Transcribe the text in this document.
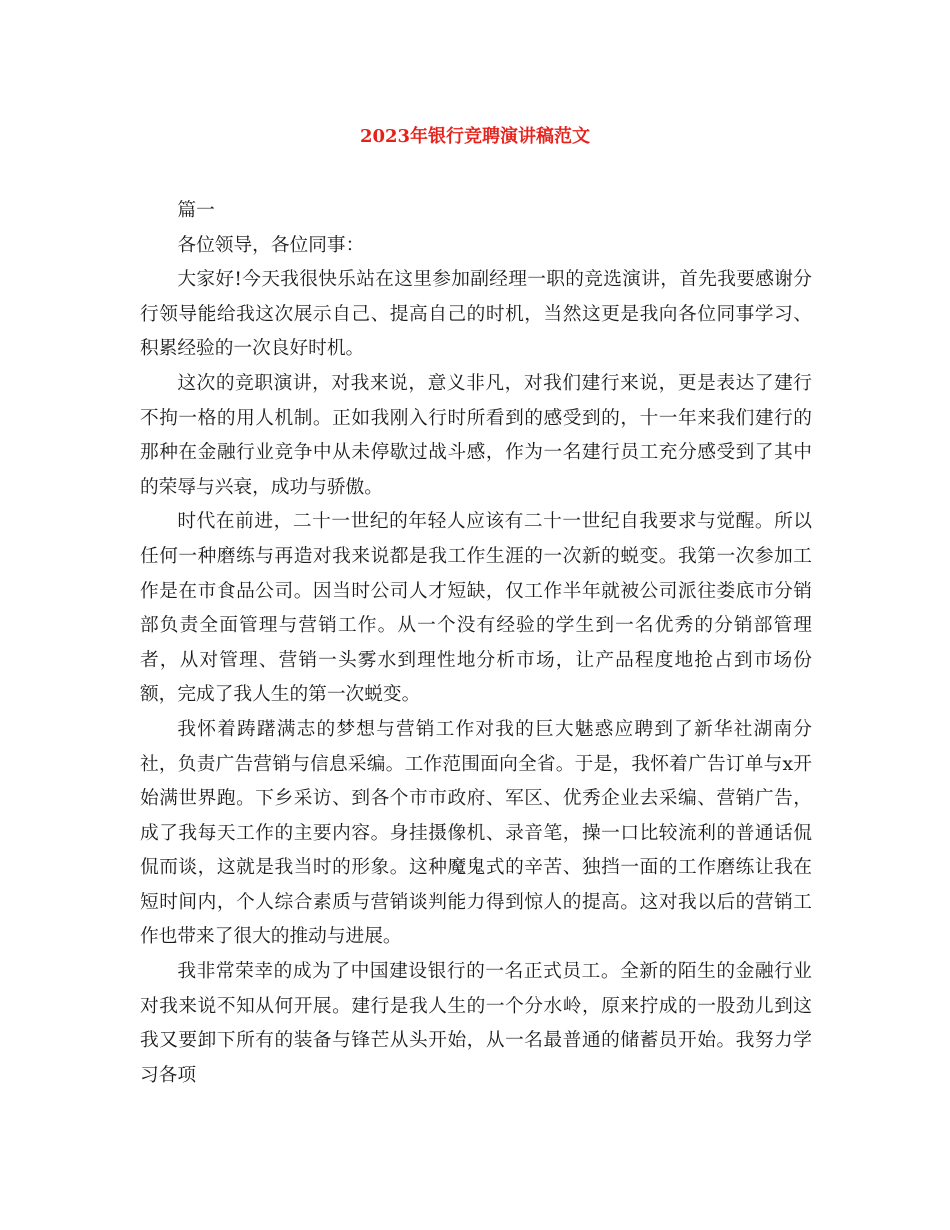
2023年银行竞聘演讲稿范文

篇一

各位领导，各位同事：

大家好!今天我很快乐站在这里参加副经理一职的竞选演讲，首先我要感谢分行领导能给我这次展示自己、提高自己的时机，当然这更是我向各位同事学习、积累经验的一次良好时机。

这次的竞职演讲，对我来说，意义非凡，对我们建行来说，更是表达了建行不拘一格的用人机制。正如我刚入行时所看到的感受到的，十一年来我们建行的那种在金融行业竞争中从未停歇过战斗感，作为一名建行员工充分感受到了其中的荣辱与兴衰，成功与骄傲。

时代在前进，二十一世纪的年轻人应该有二十一世纪自我要求与觉醒。所以任何一种磨练与再造对我来说都是我工作生涯的一次新的蜕变。我第一次参加工作是在市食品公司。因当时公司人才短缺，仅工作半年就被公司派往娄底市分销部负责全面管理与营销工作。从一个没有经验的学生到一名优秀的分销部管理者，从对管理、营销一头雾水到理性地分析市场，让产品程度地抢占到市场份额，完成了我人生的第一次蜕变。

我怀着踌躇满志的梦想与营销工作对我的巨大魅惑应聘到了新华社湖南分社，负责广告营销与信息采编。工作范围面向全省。于是，我怀着广告订单与x开始满世界跑。下乡采访、到各个市市政府、军区、优秀企业去采编、营销广告，成了我每天工作的主要内容。身挂摄像机、录音笔，操一口比较流利的普通话侃侃而谈，这就是我当时的形象。这种魔鬼式的辛苦、独挡一面的工作磨练让我在短时间内，个人综合素质与营销谈判能力得到惊人的提高。这对我以后的营销工作也带来了很大的推动与进展。

我非常荣幸的成为了中国建设银行的一名正式员工。全新的陌生的金融行业对我来说不知从何开展。建行是我人生的一个分水岭，原来拧成的一股劲儿到这我又要卸下所有的装备与锋芒从头开始，从一名最普通的储蓄员开始。我努力学习各项
